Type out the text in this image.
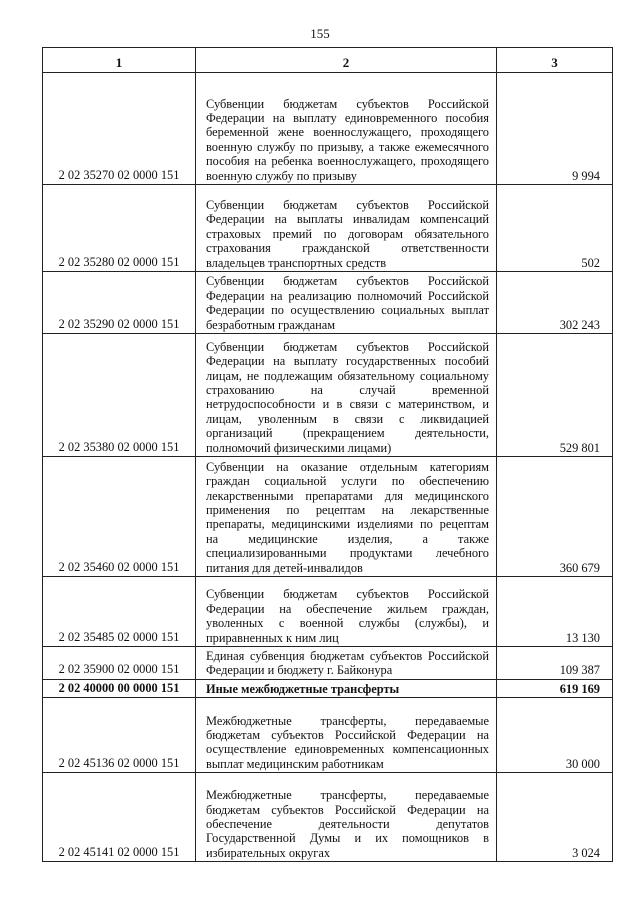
155
1	2	3
2 02 35270 02 0000 151	Субвенции бюджетам субъектов Российской Федерации на выплату единовременного пособия беременной жене военнослужащего, проходящего военную службу по призыву, а также ежемесячного пособия на ребенка военнослужащего, проходящего военную службу по призыву	9 994
2 02 35280 02 0000 151	Субвенции бюджетам субъектов Российской Федерации на выплаты инвалидам компенсаций страховых премий по договорам обязательного страхования гражданской ответственности владельцев транспортных средств	502
2 02 35290 02 0000 151	Субвенции бюджетам субъектов Российской Федерации на реализацию полномочий Российской Федерации по осуществлению социальных выплат безработным гражданам	302 243
2 02 35380 02 0000 151	Субвенции бюджетам субъектов Российской Федерации на выплату государственных пособий лицам, не подлежащим обязательному социальному страхованию на случай временной нетрудоспособности и в связи с материнством, и лицам, уволенным в связи с ликвидацией организаций (прекращением деятельности, полномочий физическими лицами)	529 801
2 02 35460 02 0000 151	Субвенции на оказание отдельным категориям граждан социальной услуги по обеспечению лекарственными препаратами для медицинского применения по рецептам на лекарственные препараты, медицинскими изделиями по рецептам на медицинские изделия, а также специализированными продуктами лечебного питания для детей-инвалидов	360 679
2 02 35485 02 0000 151	Субвенции бюджетам субъектов Российской Федерации на обеспечение жильем граждан, уволенных с военной службы (службы), и приравненных к ним лиц	13 130
2 02 35900 02 0000 151	Единая субвенция бюджетам субъектов Российской Федерации и бюджету г. Байконура	109 387
2 02 40000 00 0000 151	Иные межбюджетные трансферты	619 169
2 02 45136 02 0000 151	Межбюджетные трансферты, передаваемые бюджетам субъектов Российской Федерации на осуществление единовременных компенсационных выплат медицинским работникам	30 000
2 02 45141 02 0000 151	Межбюджетные трансферты, передаваемые бюджетам субъектов Российской Федерации на обеспечение деятельности депутатов Государственной Думы и их помощников в избирательных округах	3 024
